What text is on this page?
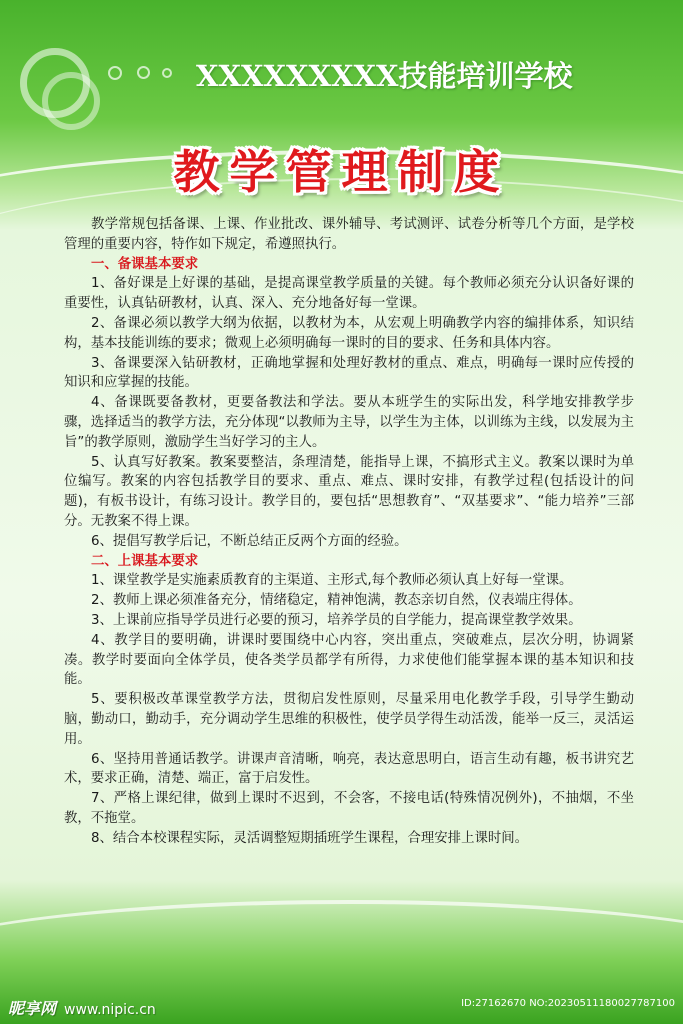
XXXXXXXXX技能培训学校
教学管理制度

教学常规包括备课、上课、作业批改、课外辅导、考试测评、试卷分析等几个方面，是学校管理的重要内容，特作如下规定，希遵照执行。

一、备课基本要求

1、备好课是上好课的基础，是提高课堂教学质量的关键。每个教师必须充分认识备好课的重要性，认真钻研教材，认真、深入、充分地备好每一堂课。

2、备课必须以教学大纲为依据，以教材为本，从宏观上明确教学内容的编排体系，知识结构，基本技能训练的要求；微观上必须明确每一课时的目的要求、任务和具体内容。

3、备课要深入钻研教材，正确地掌握和处理好教材的重点、难点，明确每一课时应传授的知识和应掌握的技能。

4、备课既要备教材，更要备教法和学法。要从本班学生的实际出发，科学地安排教学步骤，选择适当的教学方法，充分体现“以教师为主导，以学生为主体，以训练为主线，以发展为主旨”的教学原则，激励学生当好学习的主人。

5、认真写好教案。教案要整洁，条理清楚，能指导上课，不搞形式主义。教案以课时为单位编写。教案的内容包括教学目的要求、重点、难点、课时安排，有教学过程(包括设计的问题)，有板书设计，有练习设计。教学目的，要包括“思想教育”、“双基要求”、“能力培养”三部分。无教案不得上课。

6、提倡写教学后记，不断总结正反两个方面的经验。

二、上课基本要求

1、课堂教学是实施素质教育的主渠道、主形式,每个教师必须认真上好每一堂课。

2、教师上课必须准备充分，情绪稳定，精神饱满，教态亲切自然，仪表端庄得体。

3、上课前应指导学员进行必要的预习，培养学员的自学能力，提高课堂教学效果。

4、教学目的要明确，讲课时要围绕中心内容，突出重点，突破难点，层次分明，协调紧凑。教学时要面向全体学员，使各类学员都学有所得，力求使他们能掌握本课的基本知识和技能。

5、要积极改革课堂教学方法，贯彻启发性原则，尽量采用电化教学手段，引导学生勤动脑，勤动口，勤动手，充分调动学生思维的积极性，使学员学得生动活泼，能举一反三，灵活运用。

6、坚持用普通话教学。讲课声音清晰，响亮，表达意思明白，语言生动有趣，板书讲究艺术，要求正确，清楚、端正，富于启发性。

7、严格上课纪律，做到上课时不迟到，不会客，不接电话(特殊情况例外)，不抽烟，不坐教，不拖堂。

8、结合本校课程实际，灵活调整短期插班学生课程，合理安排上课时间。

昵享网 www.nipic.cn	ID:27162670 NO:20230511180027787100
